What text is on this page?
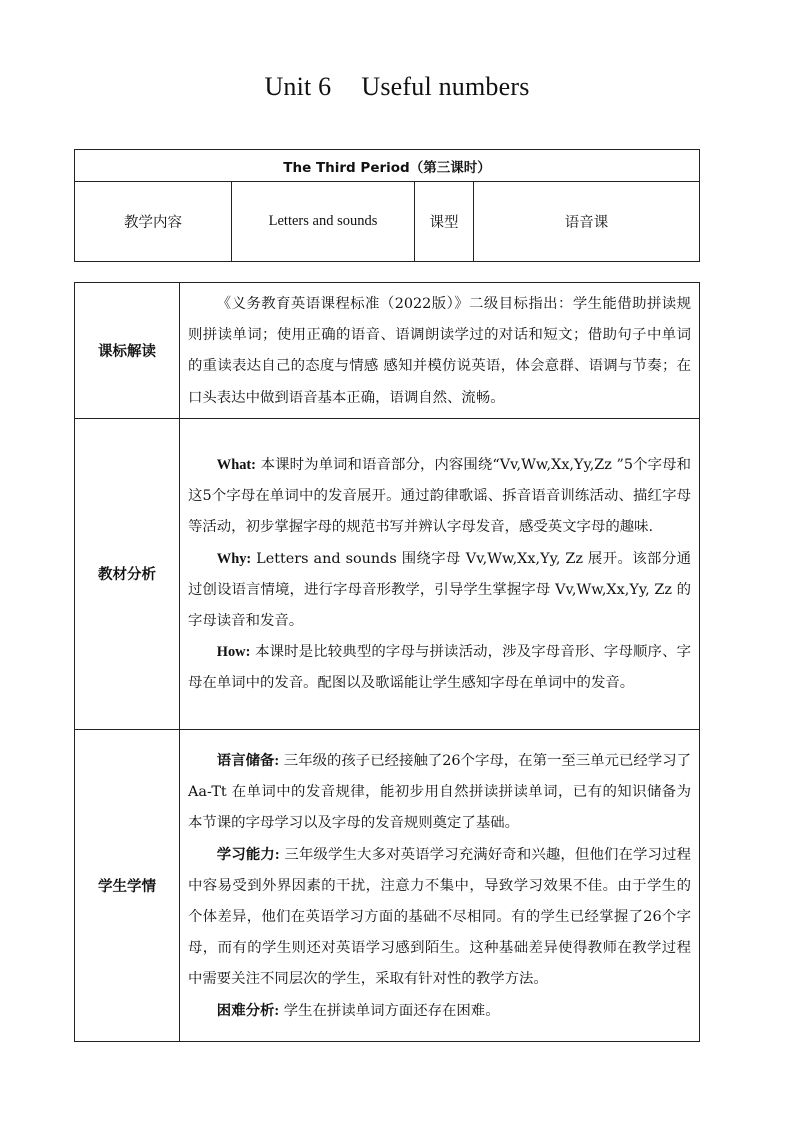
Unit 6 Useful numbers
The Third Period（第三课时）
教学内容	Letters and sounds	课型	语音课
课标解读	《义务教育英语课程标准（2022版）》二级目标指出：学生能借助拼读规则拼读单词；使用正确的语音、语调朗读学过的对话和短文；借助句子中单词的重读表达自己的态度与情感 感知并模仿说英语，体会意群、语调与节奏；在口头表达中做到语音基本正确，语调自然、流畅。

教材分析	What: 本课时为单词和语音部分，内容围绕“Vv,Ww,Xx,Yy,Zz ”5个字母和这5个字母在单词中的发音展开。通过韵律歌谣、拆音语音训练活动、描红字母等活动，初步掌握字母的规范书写并辨认字母发音，感受英文字母的趣味.

Why: Letters and sounds 围绕字母 Vv,Ww,Xx,Yy, Zz 展开。该部分通过创设语言情境，进行字母音形教学，引导学生掌握字母 Vv,Ww,Xx,Yy, Zz 的字母读音和发音。

How: 本课时是比较典型的字母与拼读活动，涉及字母音形、字母顺序、字母在单词中的发音。配图以及歌谣能让学生感知字母在单词中的发音。

学生学情	语言储备: 三年级的孩子已经接触了26个字母，在第一至三单元已经学习了 Aa-Tt 在单词中的发音规律，能初步用自然拼读拼读单词，已有的知识储备为本节课的字母学习以及字母的发音规则奠定了基础。

学习能力: 三年级学生大多对英语学习充满好奇和兴趣，但他们在学习过程中容易受到外界因素的干扰，注意力不集中，导致学习效果不佳。由于学生的个体差异，他们在英语学习方面的基础不尽相同。有的学生已经掌握了26个字母，而有的学生则还对英语学习感到陌生。这种基础差异使得教师在教学过程中需要关注不同层次的学生，采取有针对性的教学方法。

困难分析: 学生在拼读单词方面还存在困难。
